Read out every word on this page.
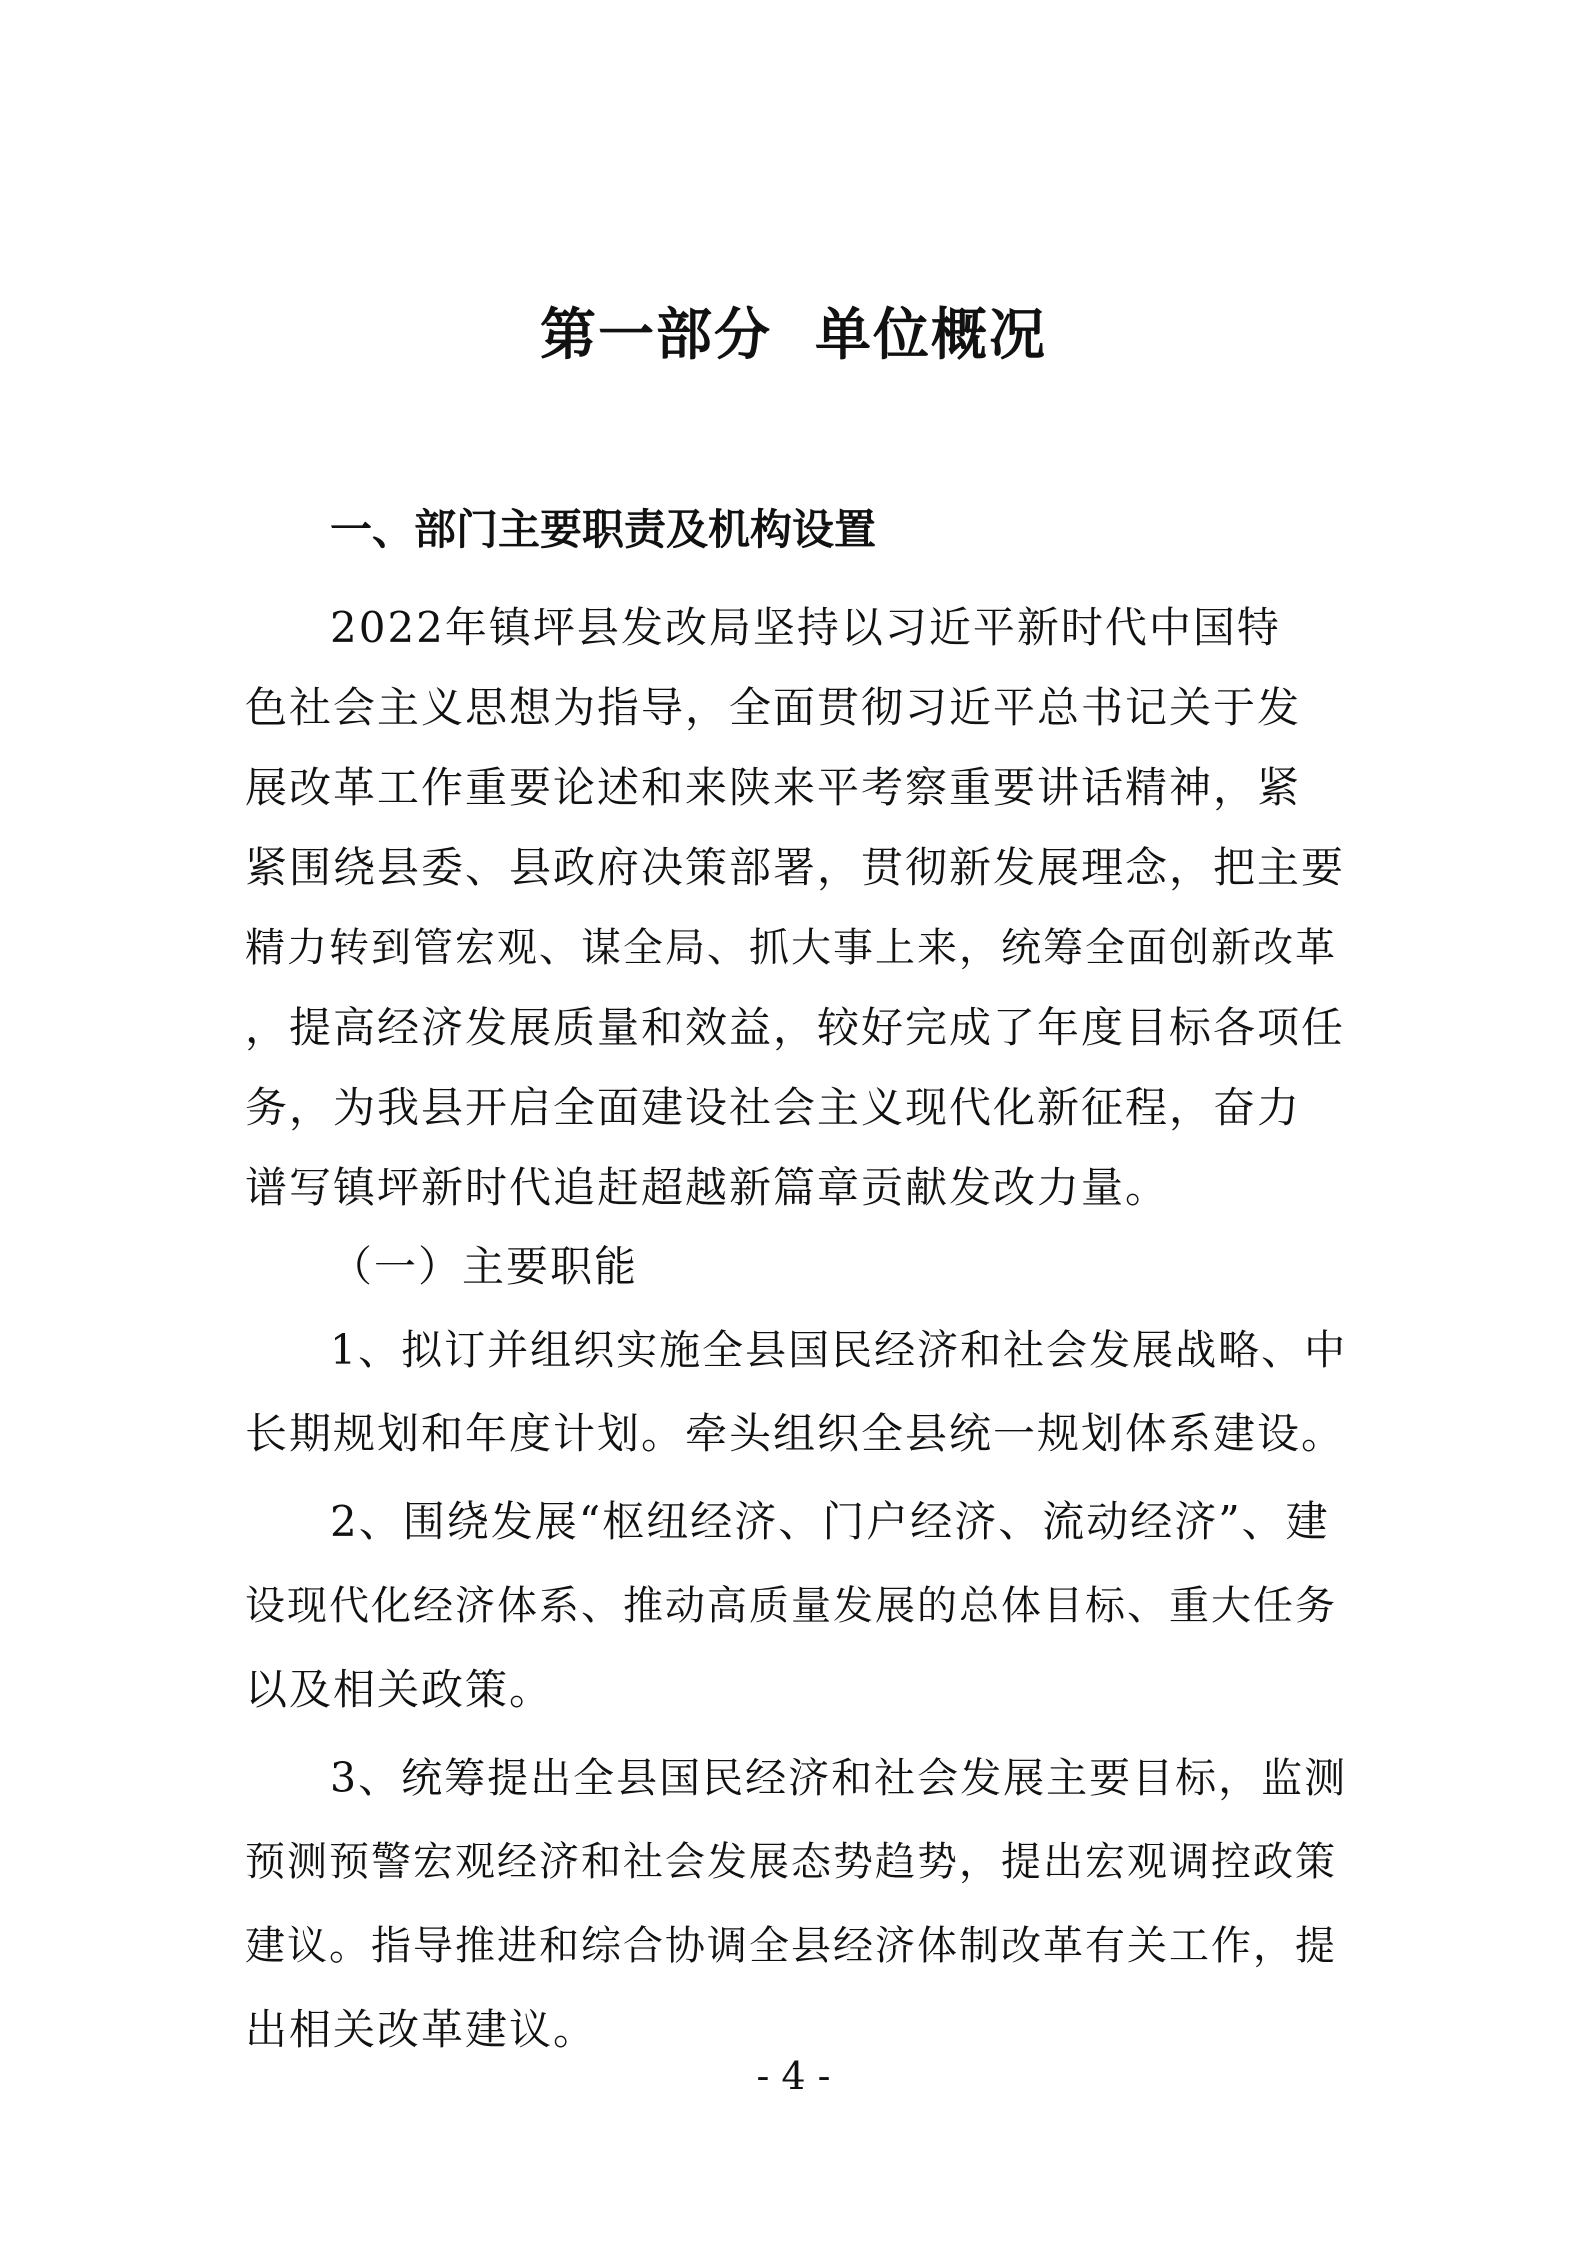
第一部分  单位概况
一、部门主要职责及机构设置
2022年镇坪县发改局坚持以习近平新时代中国特
色社会主义思想为指导，全面贯彻习近平总书记关于发
展改革工作重要论述和来陕来平考察重要讲话精神，紧
紧围绕县委、县政府决策部署，贯彻新发展理念，把主要
精力转到管宏观、谋全局、抓大事上来，统筹全面创新改革
，提高经济发展质量和效益，较好完成了年度目标各项任
务，为我县开启全面建设社会主义现代化新征程，奋力
谱写镇坪新时代追赶超越新篇章贡献发改力量。
（一）主要职能
1、拟订并组织实施全县国民经济和社会发展战略、中
长期规划和年度计划。牵头组织全县统一规划体系建设。
2、围绕发展“枢纽经济、门户经济、流动经济”、建
设现代化经济体系、推动高质量发展的总体目标、重大任务
以及相关政策。
3、统筹提出全县国民经济和社会发展主要目标，监测
预测预警宏观经济和社会发展态势趋势，提出宏观调控政策
建议。指导推进和综合协调全县经济体制改革有关工作，提
出相关改革建议。
- 4 -
